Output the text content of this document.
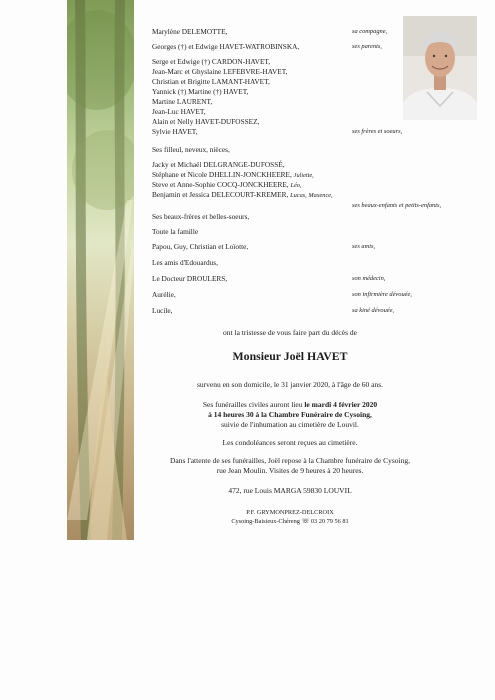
Marylène DELEMOTTE,	sa compagne,
Georges (†) et Edwige HAVET-WATROBINSKA,	ses parents,
Serge et Edwige (†) CARDON-HAVET,
Jean-Marc et Ghyslaine LEFEBVRE-HAVET,
Christian et Brigitte LAMANT-HAVET,
Yannick (†) Martine (†) HAVET,
Martine LAURENT,
Jean-Luc HAVET,
Alain et Nelly HAVET-DUFOSSEZ,
Sylvie HAVET,	ses frères et soeurs,
Ses filleul, neveux, nièces,
Jacky et Michaël DELGRANGE-DUFOSSÉ,
Stéphane et Nicole DHELLIN-JONCKHEERE, Juliette,
Steve et Anne-Sophie COCQ-JONCKHEERE, Léo,
Benjamin et Jessica DELECOURT-KREMER, Lucas, Maxence,
ses beaux-enfants et petits-enfants,
Ses beaux-frères et belles-soeurs,
Toute la famille
Papou, Guy, Christian et Loïotte,	ses amis,
Les amis d'Edouardus,
Le Docteur DROULERS,	son médecin,
Aurélie,	son infirmière dévouée,
Lucile,	sa kiné dévouée,
ont la tristesse de vous faire part du décès de
Monsieur Joël HAVET
survenu en son domicile, le 31 janvier 2020, à l'âge de 60 ans.
Ses funérailles civiles auront lieu le mardi 4 février 2020
à 14 heures 30 à la Chambre Funéraire de Cysoing,
suivie de l'inhumation au cimetière de Louvil.
Les condoléances seront reçues au cimetière.
Dans l'attente de ses funérailles, Joël repose à la Chambre funéraire de Cysoing,
rue Jean Moulin. Visites de 9 heures à 20 heures.
472, rue Louis MARGA 59830 LOUVIL
P.F. GRYMONPREZ-DELCROIX
Cysoing-Baisieux-Chéreng ☏ 03 20 79 56 81
